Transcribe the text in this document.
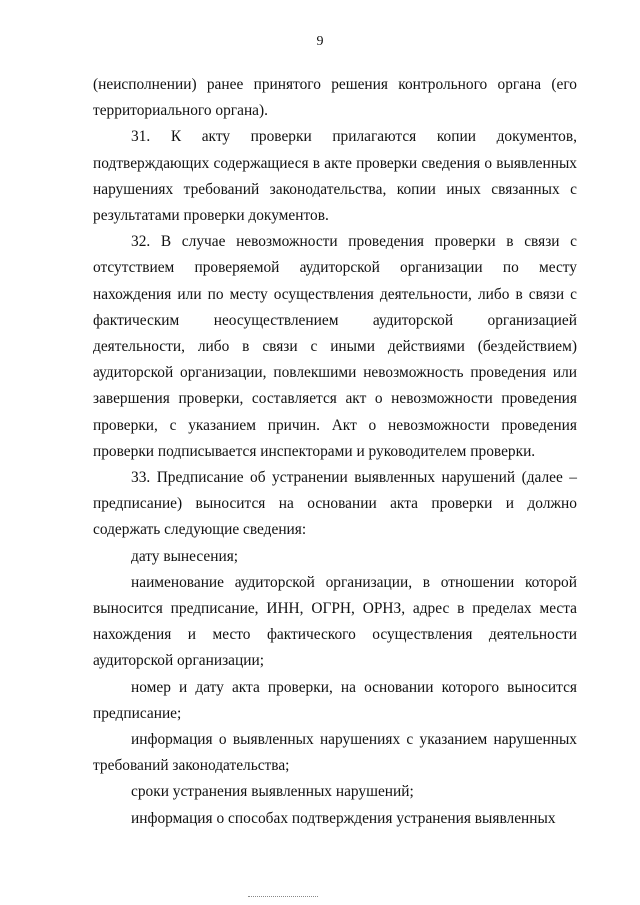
9

(неисполнении) ранее принятого решения контрольного органа (его территориального органа).

31. К акту проверки прилагаются копии документов, подтверждающих содержащиеся в акте проверки сведения о выявленных нарушениях требований законодательства, копии иных связанных с результатами проверки документов.

32. В случае невозможности проведения проверки в связи с отсутствием проверяемой аудиторской организации по месту нахождения или по месту осуществления деятельности, либо в связи с фактическим неосуществлением аудиторской организацией деятельности, либо в связи с иными действиями (бездействием) аудиторской организации, повлекшими невозможность проведения или завершения проверки, составляется акт о невозможности проведения проверки, с указанием причин. Акт о невозможности проведения проверки подписывается инспекторами и руководителем проверки.

33. Предписание об устранении выявленных нарушений (далее – предписание) выносится на основании акта проверки и должно содержать следующие сведения:

дату вынесения;

наименование аудиторской организации, в отношении которой выносится предписание, ИНН, ОГРН, ОРНЗ, адрес в пределах места нахождения и место фактического осуществления деятельности аудиторской организации;

номер и дату акта проверки, на основании которого выносится предписание;

информация о выявленных нарушениях с указанием нарушенных требований законодательства;

сроки устранения выявленных нарушений;

информация о способах подтверждения устранения выявленных
